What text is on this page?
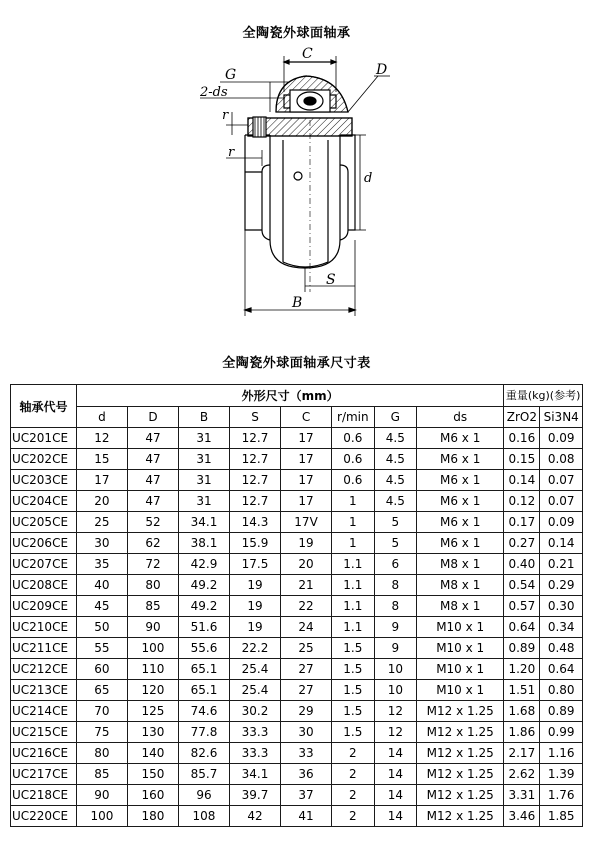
全陶瓷外球面轴承
C
G
2-ds
D
r
r
d
S
B
全陶瓷外球面轴承尺寸表
轴承代号	外形尺寸（mm）								重量(kg)(参考)	
	d	D	B	S	C	r/min	G	ds	ZrO2	Si3N4
UC201CE	12	47	31	12.7	17	0.6	4.5	M6 x 1	0.16	0.09
UC202CE	15	47	31	12.7	17	0.6	4.5	M6 x 1	0.15	0.08
UC203CE	17	47	31	12.7	17	0.6	4.5	M6 x 1	0.14	0.07
UC204CE	20	47	31	12.7	17	1	4.5	M6 x 1	0.12	0.07
UC205CE	25	52	34.1	14.3	17V	1	5	M6 x 1	0.17	0.09
UC206CE	30	62	38.1	15.9	19	1	5	M6 x 1	0.27	0.14
UC207CE	35	72	42.9	17.5	20	1.1	6	M8 x 1	0.40	0.21
UC208CE	40	80	49.2	19	21	1.1	8	M8 x 1	0.54	0.29
UC209CE	45	85	49.2	19	22	1.1	8	M8 x 1	0.57	0.30
UC210CE	50	90	51.6	19	24	1.1	9	M10 x 1	0.64	0.34
UC211CE	55	100	55.6	22.2	25	1.5	9	M10 x 1	0.89	0.48
UC212CE	60	110	65.1	25.4	27	1.5	10	M10 x 1	1.20	0.64
UC213CE	65	120	65.1	25.4	27	1.5	10	M10 x 1	1.51	0.80
UC214CE	70	125	74.6	30.2	29	1.5	12	M12 x 1.25	1.68	0.89
UC215CE	75	130	77.8	33.3	30	1.5	12	M12 x 1.25	1.86	0.99
UC216CE	80	140	82.6	33.3	33	2	14	M12 x 1.25	2.17	1.16
UC217CE	85	150	85.7	34.1	36	2	14	M12 x 1.25	2.62	1.39
UC218CE	90	160	96	39.7	37	2	14	M12 x 1.25	3.31	1.76
UC220CE	100	180	108	42	41	2	14	M12 x 1.25	3.46	1.85
